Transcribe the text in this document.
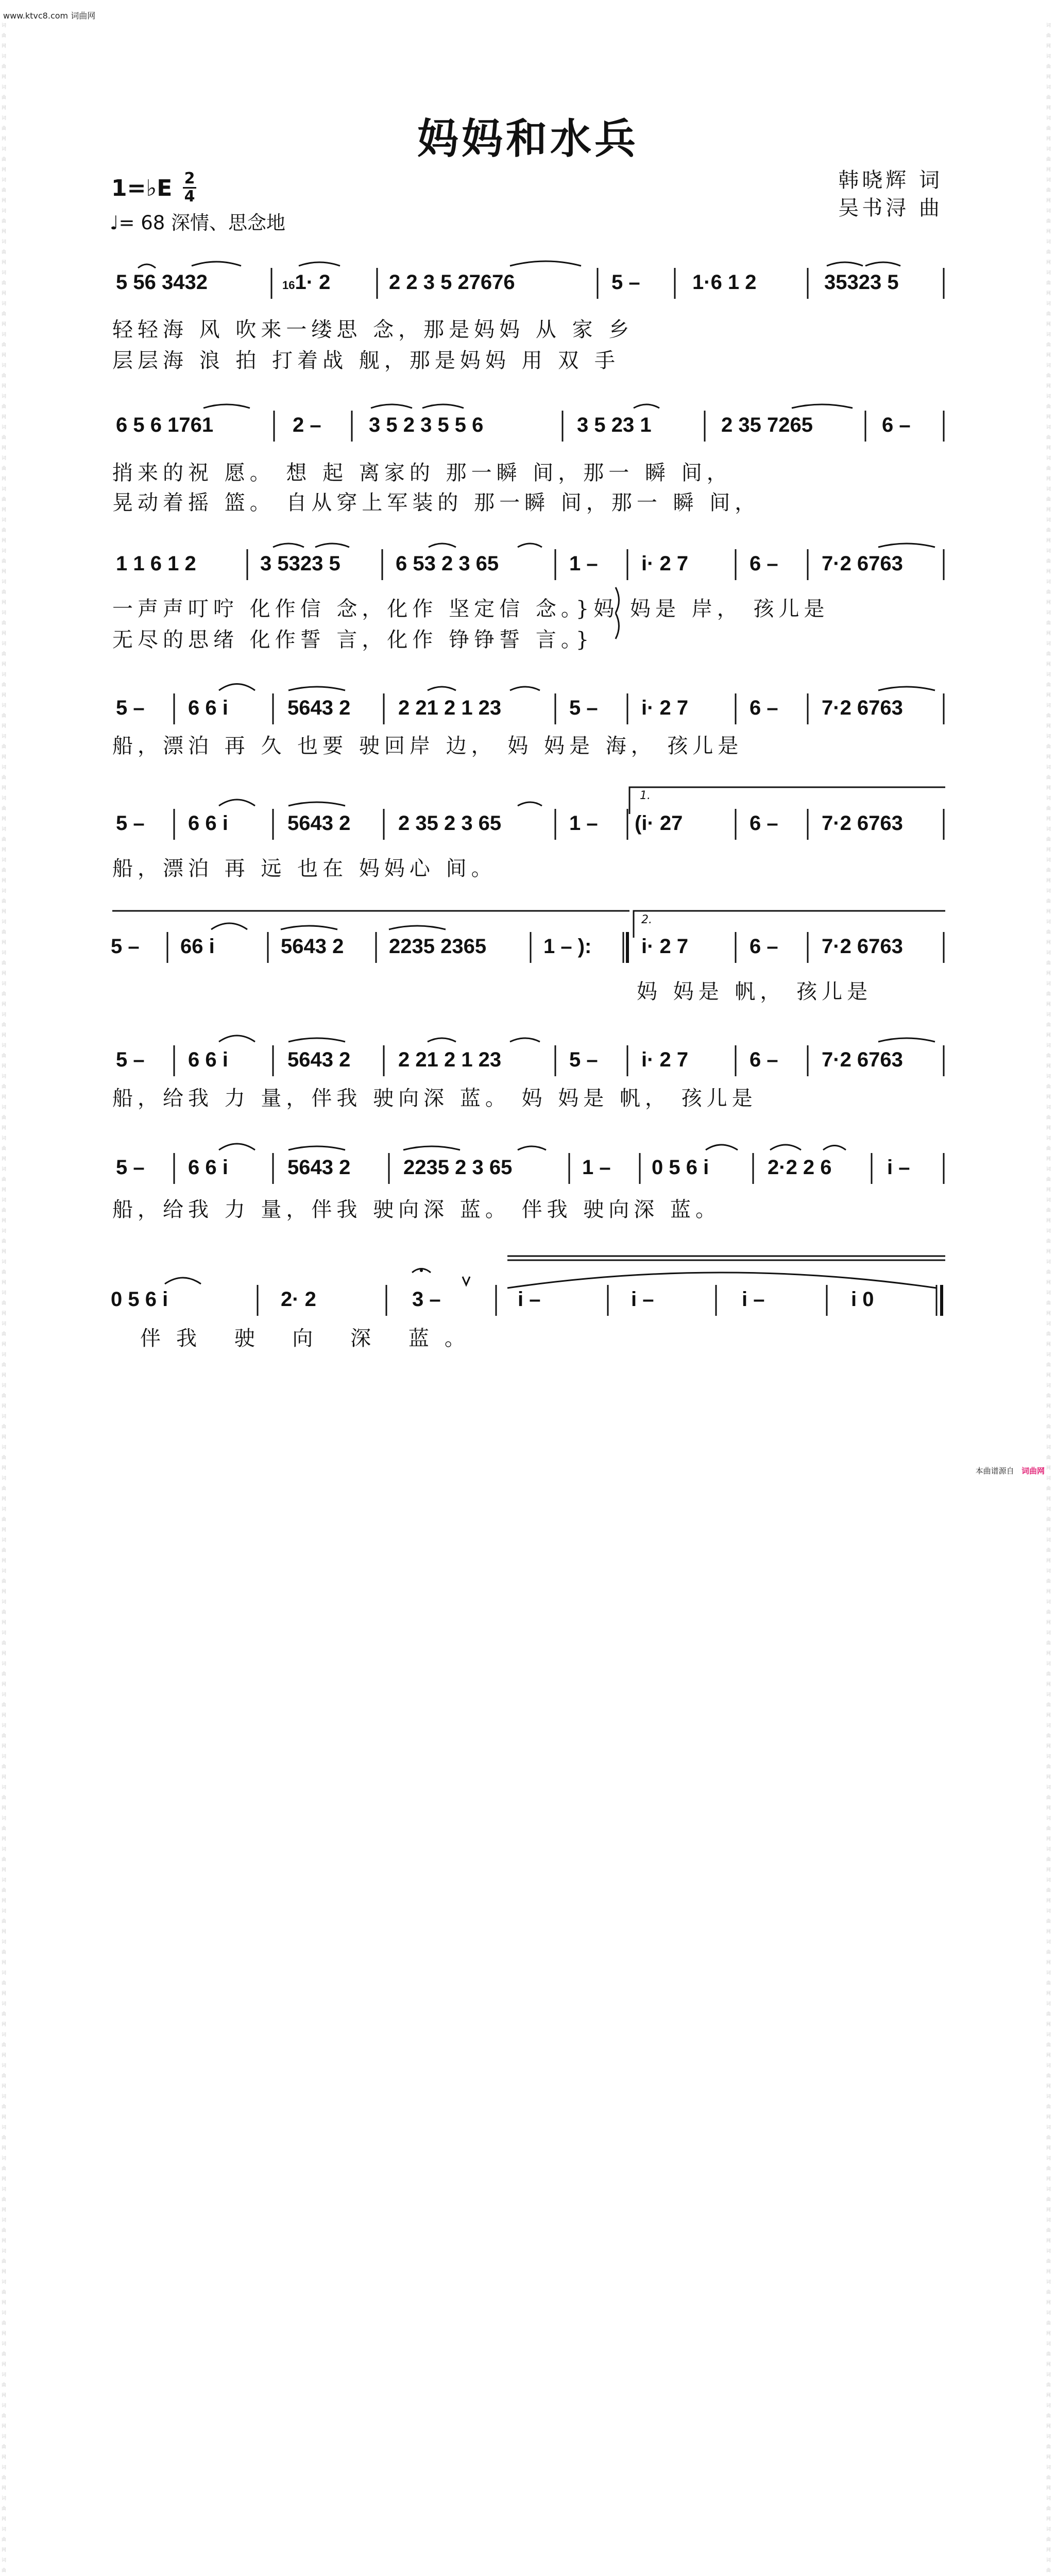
www.ktvc8.com 词曲网
词曲网 词曲网 词曲网 词曲网 词曲网 词曲网 词曲网 词曲网 词曲网 词曲网 词曲网 词曲网 词曲网 词曲网 词曲网 词曲网 词曲网 词曲网 词曲网 词曲网 词曲网 词曲网 词曲网 词曲网 词曲网 词曲网 词曲网 词曲网 词曲网 词曲网 词曲网 词曲网 词曲网 词曲网 词曲网 词曲网 词曲网 词曲网 词曲网 词曲网 词曲网 词曲网 词曲网 词曲网 词曲网 词曲网 词曲网 词曲网 词曲网 词曲网 词曲网 词曲网 词曲网 词曲网 词曲网 词曲网 词曲网 词曲网 词曲网 词曲网 词曲网 词曲网 词曲网 词曲网 词曲网 词曲网 词曲网 词曲网 词曲网 词曲网 词曲网 词曲网 词曲网 词曲网 词曲网 词曲网 词曲网 词曲网 词曲网 词曲网 词曲网 词曲网 词曲
词曲网 词曲网 词曲网 词曲网 词曲网 词曲网 词曲网 词曲网 词曲网 词曲网 词曲网 词曲网 词曲网 词曲网 词曲网 词曲网 词曲网 词曲网 词曲网 词曲网 词曲网 词曲网 词曲网 词曲网 词曲网 词曲网 词曲网 词曲网 词曲网 词曲网 词曲网 词曲网 词曲网 词曲网 词曲网 词曲网 词曲网 词曲网 词曲网 词曲网 词曲网 词曲网 词曲网 词曲网 词曲网 词曲网 词曲网 词曲网 词曲网 词曲网 词曲网 词曲网 词曲网 词曲网 词曲网 词曲网 词曲网 词曲网 词曲网 词曲网 词曲网 词曲网 词曲网 词曲网 词曲网 词曲网 词曲网 词曲网 词曲网 词曲网 词曲网 词曲网 词曲网 词曲网 词曲网 词曲网 词曲网 词曲网 词曲网 词曲网 词曲网 词曲网 词曲
妈妈和水兵
1=♭E 2
4
♩= 68 深情、思念地
韩晓辉 词
吴书浔 曲
5 56 3432	161· 2	2 2 3 5 27676	5 –	1·6 1 2	35323 5
轻轻海 风 吹来一缕思 念，那是妈妈 从 家 乡
层层海 浪 拍 打着战 舰，那是妈妈 用 双 手
6 5 6 1761	2 – 3 5 2 3 5 5 6	3 5 23 1	2 35 7265	6 –
捎来的祝 愿。 想 起 离家的 那一瞬 间，那一 瞬 间，
晃动着摇 篮。 自从穿上军装的 那一瞬 间，那一 瞬 间，
1 1 6 1 2	3 5323 5	6 53 2 3 65	1 – i· 2 7	6 – 7·2 6763
一声声叮咛 化作信 念，化作 坚定信 念。}妈 妈是 岸， 孩儿是
无尽的思绪 化作誓 言，化作 铮铮誓 言。}
5 – 6 6 i	5643 2 2 21 2 1 23	5 – i· 2 7	6 – 7·2 6763
船，漂泊 再 久 也要 驶回岸 边， 妈 妈是 海， 孩儿是
1.
5 – 6 6 i	5643 2 2 35 2 3 65	1 – (i· 27	6 – 7·2 6763
船，漂泊 再 远 也在 妈妈心 间。
2.
5 – 66 i	5643 2 2235 2365	1 – ): i· 2 7	6 – 7·2 6763
妈 妈是 帆， 孩儿是
5 – 6 6 i	5643 2 2 21 2 1 23	5 – i· 2 7	6 – 7·2 6763
船，给我 力 量，伴我 驶向深 蓝。 妈 妈是 帆， 孩儿是
5 – 6 6 i	5643 2	2235 2 3 65	1 – 0 5 6 i	2·2 2 6	i –
船，给我 力 量，伴我 驶向深 蓝。 伴我 驶向深 蓝。
0 5 6 i	2· 2	3 –	i –	i –	i –	i 0
伴我 驶 向 深 蓝。
本曲谱源自 词曲网
